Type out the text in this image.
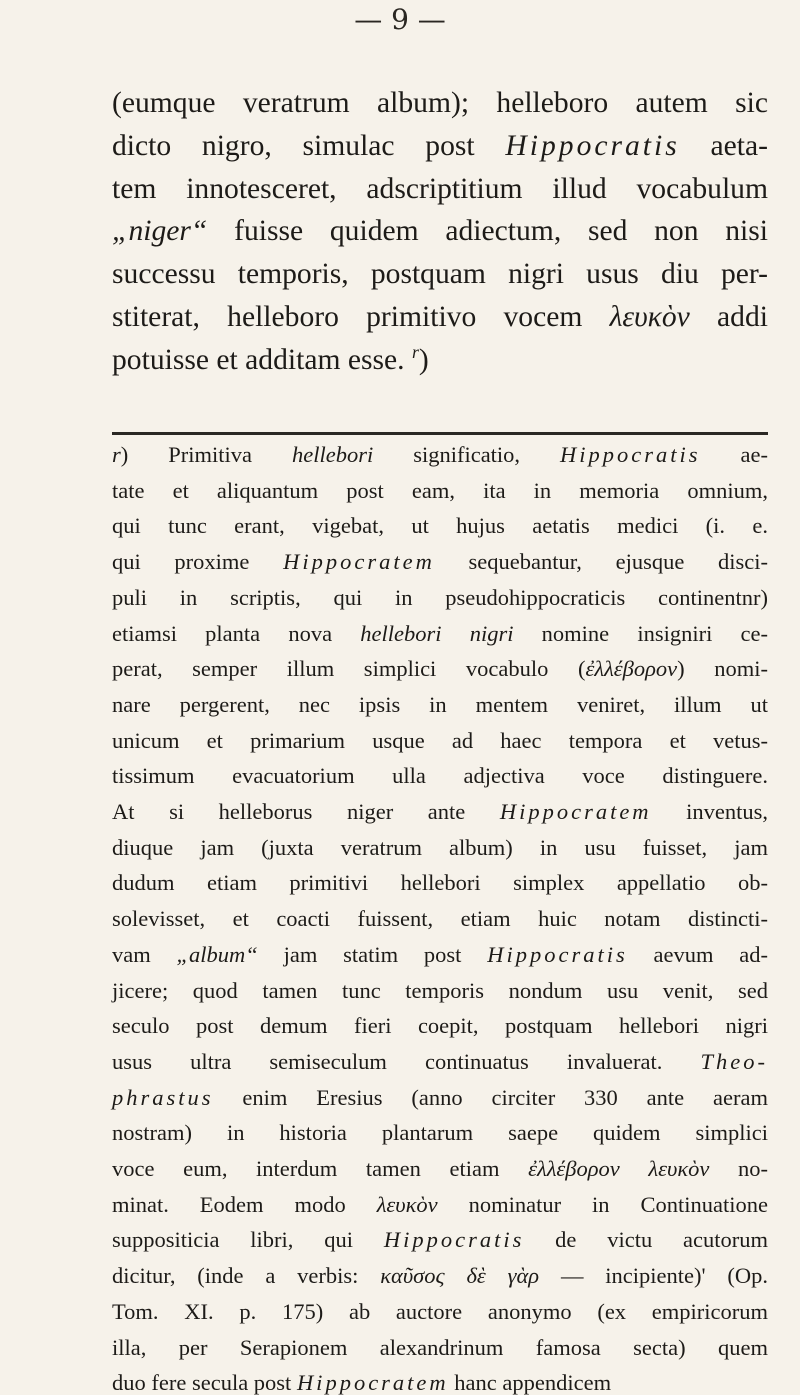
— 9 —
(eumque veratrum album); helleboro autem sic
dicto nigro, simulac post Hippocratis aeta-
tem innotesceret, adscriptitium illud vocabulum
„niger“ fuisse quidem adiectum, sed non nisi
successu temporis, postquam nigri usus diu per-
stiterat, helleboro primitivo vocem λευκὸν addi
potuisse et additam esse. $^r$)
r) Primitiva hellebori significatio, Hippocratis ae-
tate et aliquantum post eam, ita in memoria omnium,
qui tunc erant, vigebat, ut hujus aetatis medici (i. e.
qui proxime Hippocratem sequebantur, ejusque disci-
puli in scriptis, qui in pseudohippocraticis continentnr)
etiamsi planta nova hellebori nigri nomine insigniri ce-
perat, semper illum simplici vocabulo (ἐλλέβορον) nomi-
nare pergerent, nec ipsis in mentem veniret, illum ut
unicum et primarium usque ad haec tempora et vetus-
tissimum evacuatorium ulla adjectiva voce distinguere.
At si helleborus niger ante Hippocratem inventus,
diuque jam (juxta veratrum album) in usu fuisset, jam
dudum etiam primitivi hellebori simplex appellatio ob-
solevisset, et coacti fuissent, etiam huic notam distincti-
vam „album“ jam statim post Hippocratis aevum ad-
jicere; quod tamen tunc temporis nondum usu venit, sed
seculo post demum fieri coepit, postquam hellebori nigri
usus ultra semiseculum continuatus invaluerat. Theo-
phrastus enim Eresius (anno circiter 330 ante aeram
nostram) in historia plantarum saepe quidem simplici
voce eum, interdum tamen etiam ἐλλέβορον λευκὸν no-
minat. Eodem modo λευκὸν nominatur in Continuatione
suppositicia libri, qui Hippocratis de victu acutorum
dicitur, (inde a verbis: καῦσος δὲ γὰρ — incipiente)' (Op.
Tom. XI. p. 175) ab auctore anonymo (ex empiricorum
illa, per Serapionem alexandrinum famosa secta) quem
duo fere secula post Hippocratem hanc appendicem
